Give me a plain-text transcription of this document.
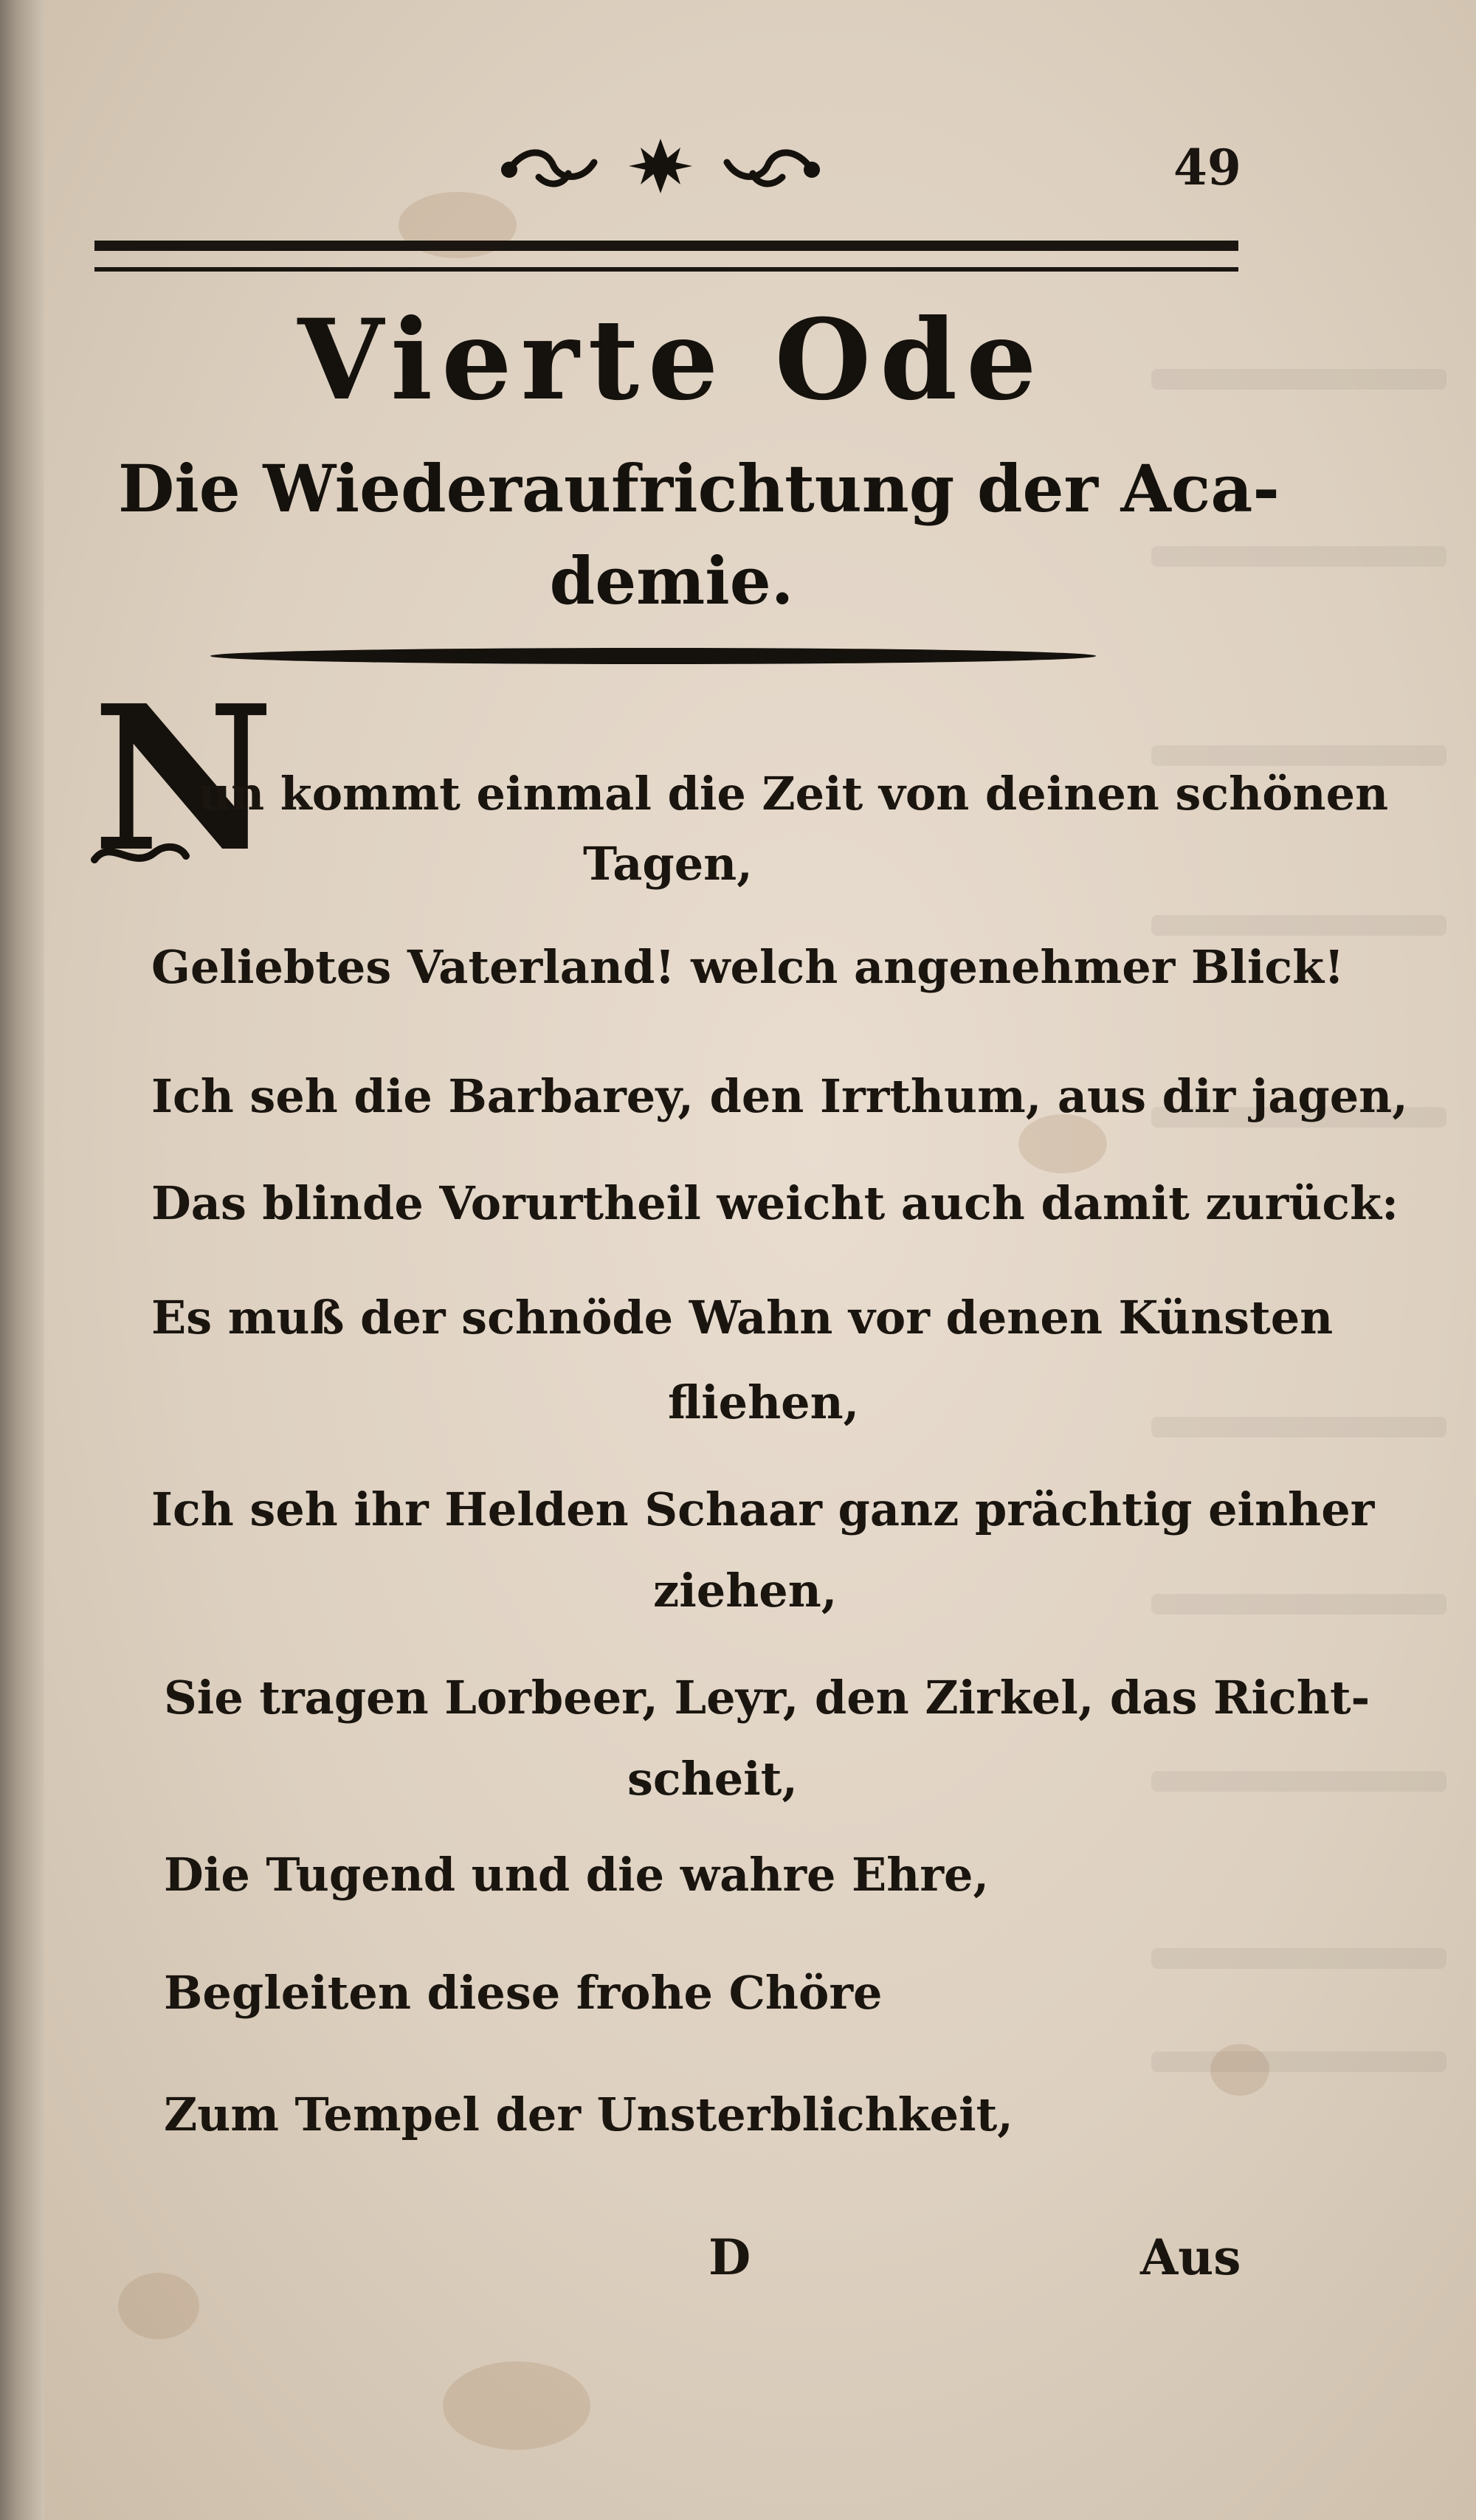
49
Vierte Ode
Die Wiederaufrichtung der Aca-
demie.
N
un kommt einmal die Zeit von deinen schönen
Tagen,
Geliebtes Vaterland! welch angenehmer Blick!
Ich seh die Barbarey, den Irrthum, aus dir jagen,
Das blinde Vorurtheil weicht auch damit zurück:
Es muß der schnöde Wahn vor denen Künsten
fliehen,
Ich seh ihr Helden Schaar ganz prächtig einher
ziehen,
Sie tragen Lorbeer, Leyr, den Zirkel, das Richt-
scheit,
Die Tugend und die wahre Ehre,
Begleiten diese frohe Chöre
Zum Tempel der Unsterblichkeit,
D	Aus
